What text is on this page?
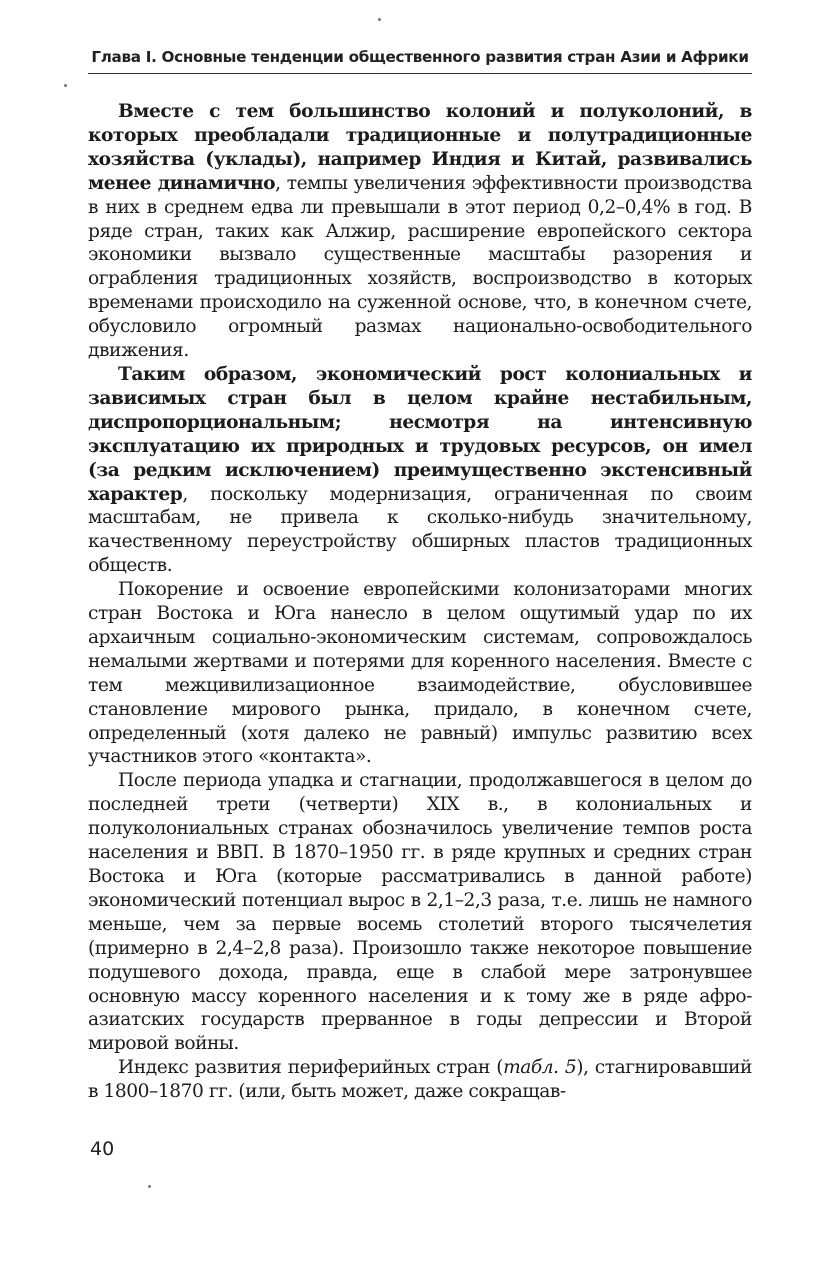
Глава I. Основные тенденции общественного развития стран Азии и Африки

Вместе с тем большинство колоний и полуколоний, в которых преобладали традиционные и полутрадиционные хозяйства (уклады), например Индия и Китай, развивались менее динамично, темпы увеличения эффективности производства в них в среднем едва ли превышали в этот период 0,2–0,4% в год. В ряде стран, таких как Алжир, расширение европейского сектора экономики вызвало существенные масштабы разорения и ограбления традиционных хозяйств, воспроизводство в которых временами происходило на суженной основе, что, в конечном счете, обусловило огромный размах национально-освободительного движения.

Таким образом, экономический рост колониальных и зависимых стран был в целом крайне нестабильным, диспропорциональным; несмотря на интенсивную эксплуатацию их природных и трудовых ресурсов, он имел (за редким исключением) преимущественно экстенсивный характер, поскольку модернизация, ограниченная по своим масштабам, не привела к сколько-нибудь значительному, качественному переустройству обширных пластов традиционных обществ.

Покорение и освоение европейскими колонизаторами многих стран Востока и Юга нанесло в целом ощутимый удар по их архаичным социально-экономическим системам, сопровождалось немалыми жертвами и потерями для коренного населения. Вместе с тем межцивилизационное взаимодействие, обусловившее становление мирового рынка, придало, в конечном счете, определенный (хотя далеко не равный) импульс развитию всех участников этого «контакта».

После периода упадка и стагнации, продолжавшегося в целом до последней трети (четверти) XIX в., в колониальных и полуколониальных странах обозначилось увеличение темпов роста населения и ВВП. В 1870–1950 гг. в ряде крупных и средних стран Востока и Юга (которые рассматривались в данной работе) экономический потенциал вырос в 2,1–2,3 раза, т.е. лишь не намного меньше, чем за первые восемь столетий второго тысячелетия (примерно в 2,4–2,8 раза). Произошло также некоторое повышение подушевого дохода, правда, еще в слабой мере затронувшее основную массу коренного населения и к тому же в ряде афро-азиатских государств прерванное в годы депрессии и Второй мировой войны.

Индекс развития периферийных стран (табл. 5), стагнировавший в 1800–1870 гг. (или, быть может, даже сокращав-

40
